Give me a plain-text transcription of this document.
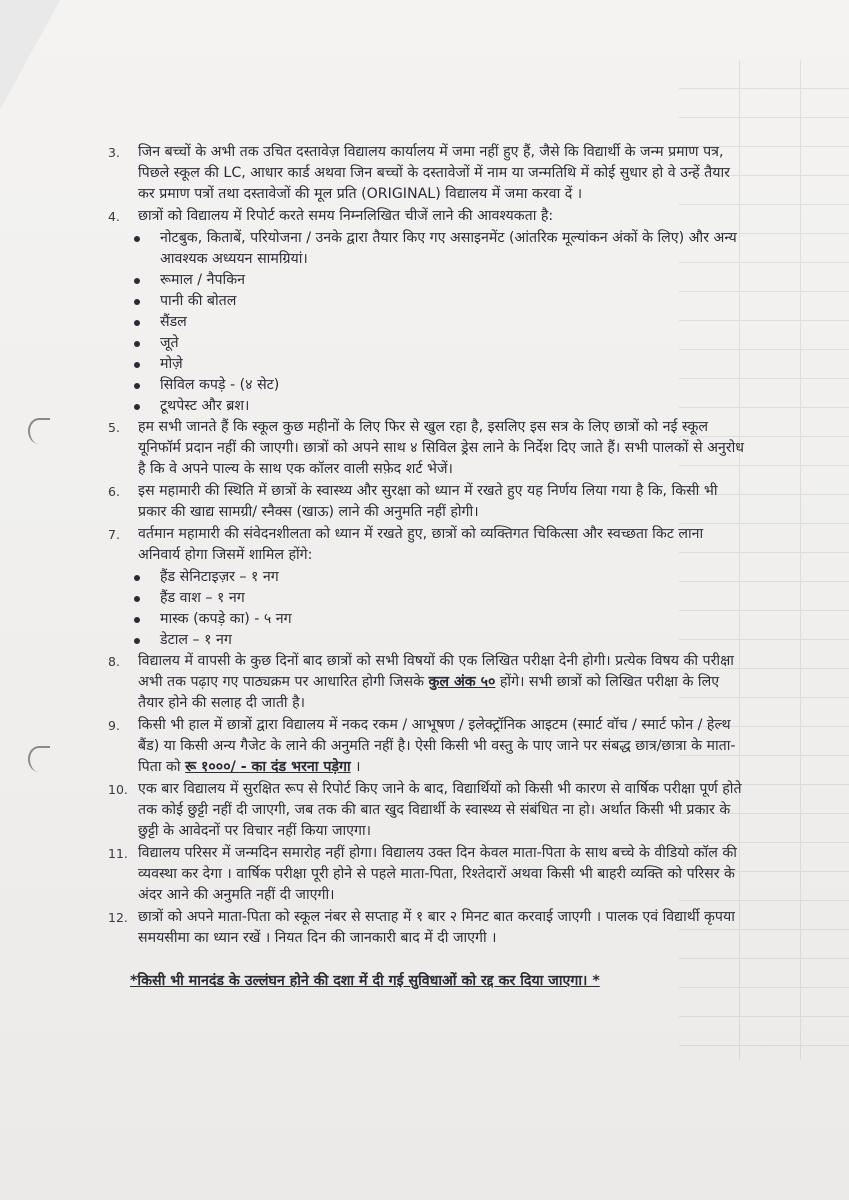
3.	जिन बच्चों के अभी तक उचित दस्तावेज़ विद्यालय कार्यालय में जमा नहीं हुए हैं, जैसे कि विद्यार्थी के जन्म प्रमाण पत्र, पिछले स्कूल की LC, आधार कार्ड अथवा जिन बच्चों के दस्तावेजों में नाम या जन्मतिथि में कोई सुधार हो वे उन्हें तैयार कर प्रमाण पत्रों तथा दस्तावेजों की मूल प्रति (ORIGINAL) विद्यालय में जमा करवा दें ।
4.	छात्रों को विद्यालय में रिपोर्ट करते समय निम्नलिखित चीजें लाने की आवश्यकता है:
नोटबुक, किताबें, परियोजना / उनके द्वारा तैयार किए गए असाइनमेंट (आंतरिक मूल्यांकन अंकों के लिए) और अन्य आवश्यक अध्ययन सामग्रियां।
रूमाल / नैपकिन
पानी की बोतल
सैंडल
जूते
मोज़े
सिविल कपड़े - (४ सेट)
टूथपेस्ट और ब्रश।
5.	हम सभी जानते हैं कि स्कूल कुछ महीनों के लिए फिर से खुल रहा है, इसलिए इस सत्र के लिए छात्रों को नई स्कूल यूनिफॉर्म प्रदान नहीं की जाएगी। छात्रों को अपने साथ ४ सिविल ड्रेस लाने के निर्देश दिए जाते हैं। सभी पालकों से अनुरोध है कि वे अपने पाल्य के साथ एक कॉलर वाली सफ़ेद शर्ट भेजें।
6.	इस महामारी की स्थिति में छात्रों के स्वास्थ्य और सुरक्षा को ध्यान में रखते हुए यह निर्णय लिया गया है कि, किसी भी प्रकार की खाद्य सामग्री/ स्नैक्स (खाऊ) लाने की अनुमति नहीं होगी।
7.	वर्तमान महामारी की संवेदनशीलता को ध्यान में रखते हुए, छात्रों को व्यक्तिगत चिकित्सा और स्वच्छता किट लाना अनिवार्य होगा जिसमें शामिल होंगे:
हैंड सेनिटाइज़र – १ नग
हैंड वाश – १ नग
मास्क (कपड़े का) - ५ नग
डेटाल – १ नग
8.	विद्यालय में वापसी के कुछ दिनों बाद छात्रों को सभी विषयों की एक लिखित परीक्षा देनी होगी। प्रत्येक विषय की परीक्षा अभी तक पढ़ाए गए पाठ्यक्रम पर आधारित होगी जिसके कुल अंक ५० होंगे। सभी छात्रों को लिखित परीक्षा के लिए तैयार होने की सलाह दी जाती है।
9.	किसी भी हाल में छात्रों द्वारा विद्यालय में नकद रकम / आभूषण / इलेक्ट्रॉनिक आइटम (स्मार्ट वॉच / स्मार्ट फोन / हेल्थ बैंड) या किसी अन्य गैजेट के लाने की अनुमति नहीं है। ऐसी किसी भी वस्तु के पाए जाने पर संबद्ध छात्र/छात्रा के माता-पिता को रू १०००/ - का दंड भरना पड़ेगा ।
10. एक बार विद्यालय में सुरक्षित रूप से रिपोर्ट किए जाने के बाद, विद्यार्थियों को किसी भी कारण से वार्षिक परीक्षा पूर्ण होते तक कोई छुट्टी नहीं दी जाएगी, जब तक की बात खुद विद्यार्थी के स्वास्थ्य से संबंधित ना हो। अर्थात किसी भी प्रकार के छुट्टी के आवेदनों पर विचार नहीं किया जाएगा।
11. विद्यालय परिसर में जन्मदिन समारोह नहीं होगा। विद्यालय उक्त दिन केवल माता-पिता के साथ बच्चे के वीडियो कॉल की व्यवस्था कर देगा । वार्षिक परीक्षा पूरी होने से पहले माता-पिता, रिश्तेदारों अथवा किसी भी बाहरी व्यक्ति को परिसर के अंदर आने की अनुमति नहीं दी जाएगी।
12. छात्रों को अपने माता-पिता को स्कूल नंबर से सप्ताह में १ बार २ मिनट बात करवाई जाएगी । पालक एवं विद्यार्थी कृपया समयसीमा का ध्यान रखें । नियत दिन की जानकारी बाद में दी जाएगी ।
*किसी भी मानदंड के उल्लंघन होने की दशा में दी गई सुविधाओं को रद्द कर दिया जाएगा। *
